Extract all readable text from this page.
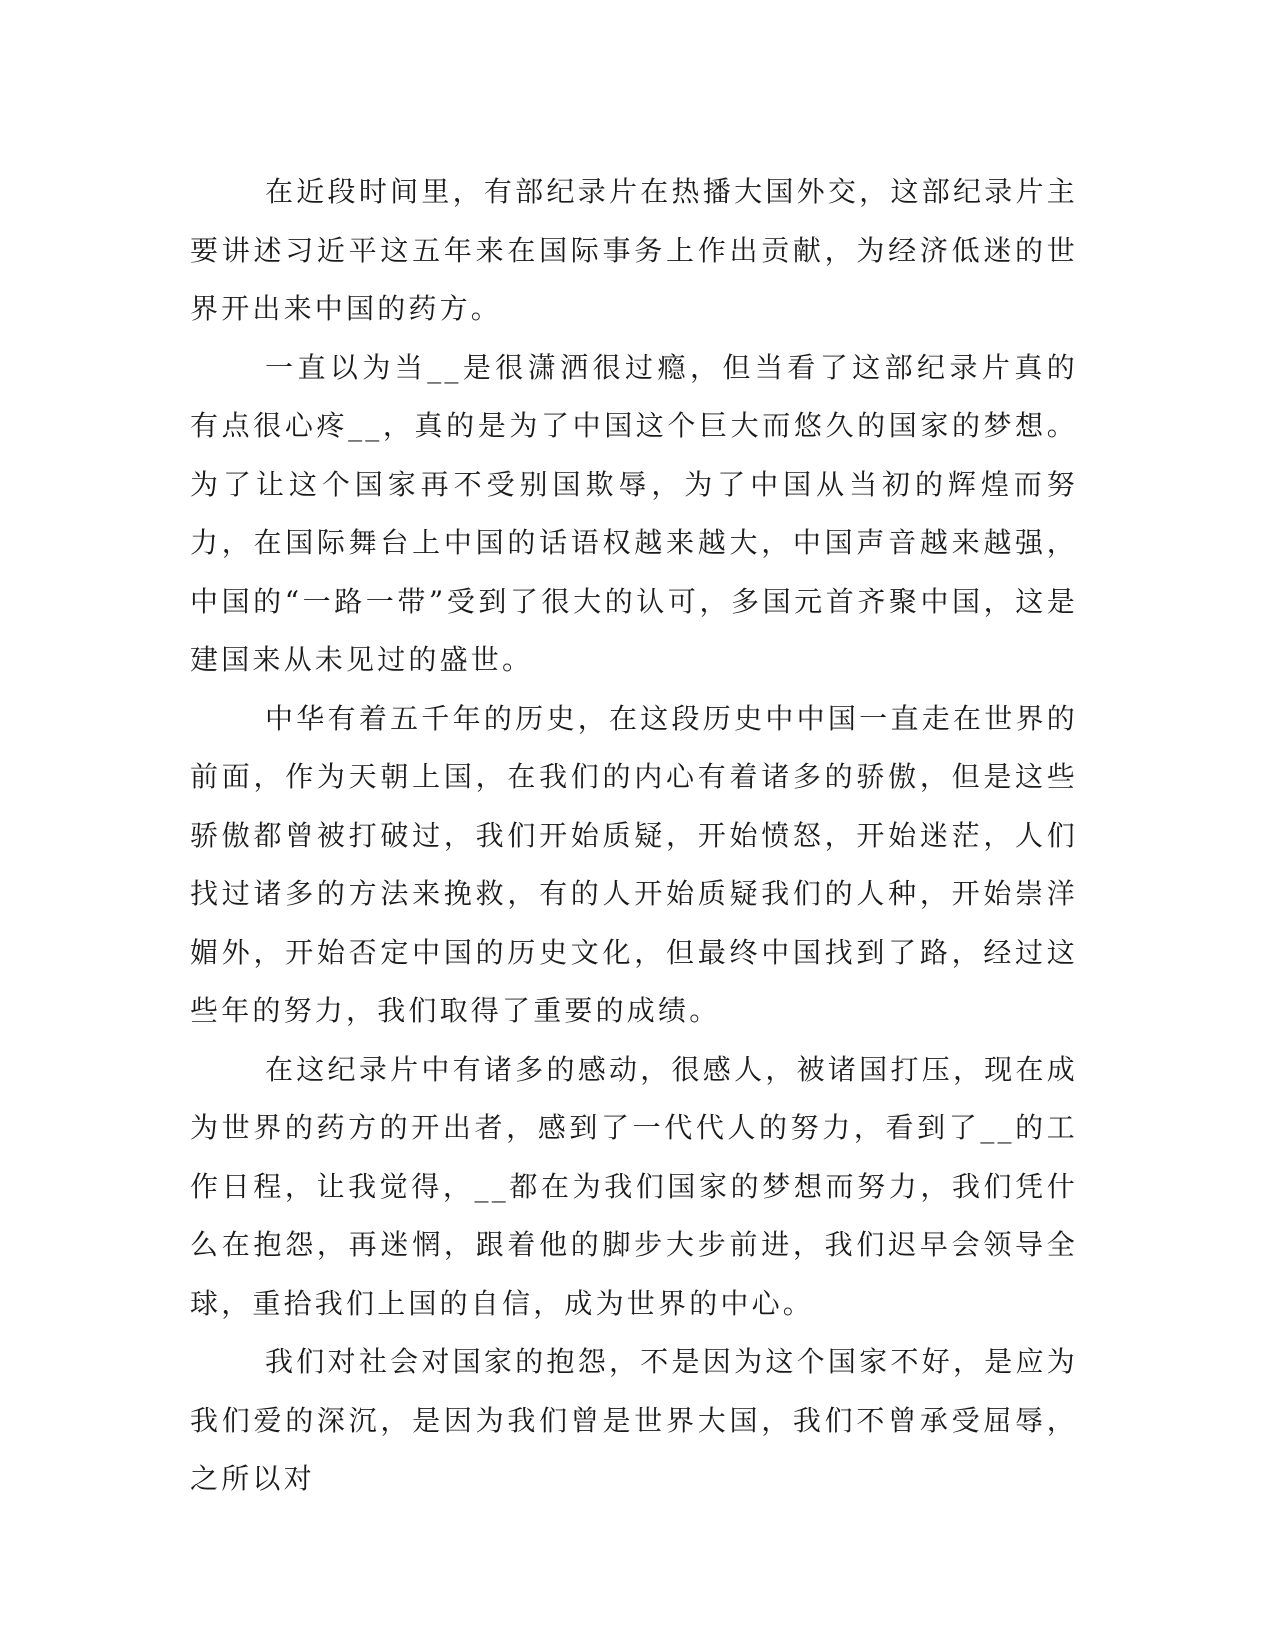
在近段时间里，有部纪录片在热播大国外交，这部纪录片主要讲述习近平这五年来在国际事务上作出贡献，为经济低迷的世界开出来中国的药方。

一直以为当__是很潇洒很过瘾，但当看了这部纪录片真的有点很心疼__，真的是为了中国这个巨大而悠久的国家的梦想。为了让这个国家再不受别国欺辱，为了中国从当初的辉煌而努力，在国际舞台上中国的话语权越来越大，中国声音越来越强，中国的“一路一带”受到了很大的认可，多国元首齐聚中国，这是建国来从未见过的盛世。

中华有着五千年的历史，在这段历史中中国一直走在世界的前面，作为天朝上国，在我们的内心有着诸多的骄傲，但是这些骄傲都曾被打破过，我们开始质疑，开始愤怒，开始迷茫，人们找过诸多的方法来挽救，有的人开始质疑我们的人种，开始崇洋媚外，开始否定中国的历史文化，但最终中国找到了路，经过这些年的努力，我们取得了重要的成绩。

在这纪录片中有诸多的感动，很感人，被诸国打压，现在成为世界的药方的开出者，感到了一代代人的努力，看到了__的工作日程，让我觉得，__都在为我们国家的梦想而努力，我们凭什么在抱怨，再迷惘，跟着他的脚步大步前进，我们迟早会领导全球，重拾我们上国的自信，成为世界的中心。

我们对社会对国家的抱怨，不是因为这个国家不好，是应为我们爱的深沉，是因为我们曾是世界大国，我们不曾承受屈辱，之所以对
